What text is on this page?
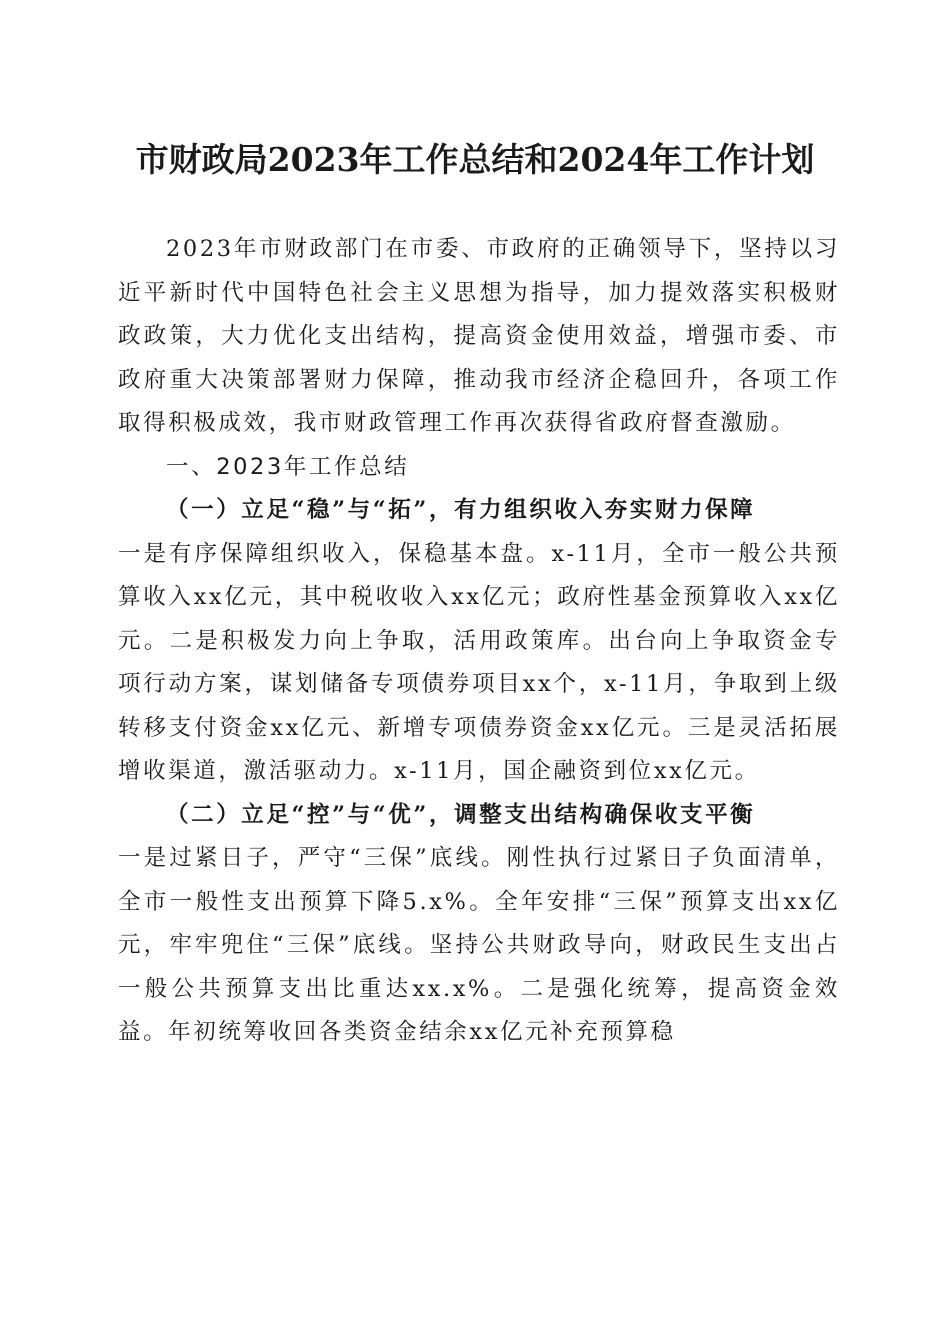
市财政局2023年工作总结和2024年工作计划

2023年市财政部门在市委、市政府的正确领导下，坚持以习近平新时代中国特色社会主义思想为指导，加力提效落实积极财政政策，大力优化支出结构，提高资金使用效益，增强市委、市政府重大决策部署财力保障，推动我市经济企稳回升，各项工作取得积极成效，我市财政管理工作再次获得省政府督查激励。

一、2023年工作总结

（一）立足“稳”与“拓”，有力组织收入夯实财力保障

一是有序保障组织收入，保稳基本盘。x-11月，全市一般公共预算收入xx亿元，其中税收收入xx亿元；政府性基金预算收入xx亿元。二是积极发力向上争取，活用政策库。出台向上争取资金专项行动方案，谋划储备专项债券项目xx个，x-11月，争取到上级转移支付资金xx亿元、新增专项债券资金xx亿元。三是灵活拓展增收渠道，激活驱动力。x-11月，国企融资到位xx亿元。

（二）立足“控”与“优”，调整支出结构确保收支平衡

一是过紧日子，严守“三保”底线。刚性执行过紧日子负面清单，全市一般性支出预算下降5.x%。全年安排“三保”预算支出xx亿元，牢牢兜住“三保”底线。坚持公共财政导向，财政民生支出占一般公共预算支出比重达xx.x%。二是强化统筹，提高资金效益。年初统筹收回各类资金结余xx亿元补充预算稳
